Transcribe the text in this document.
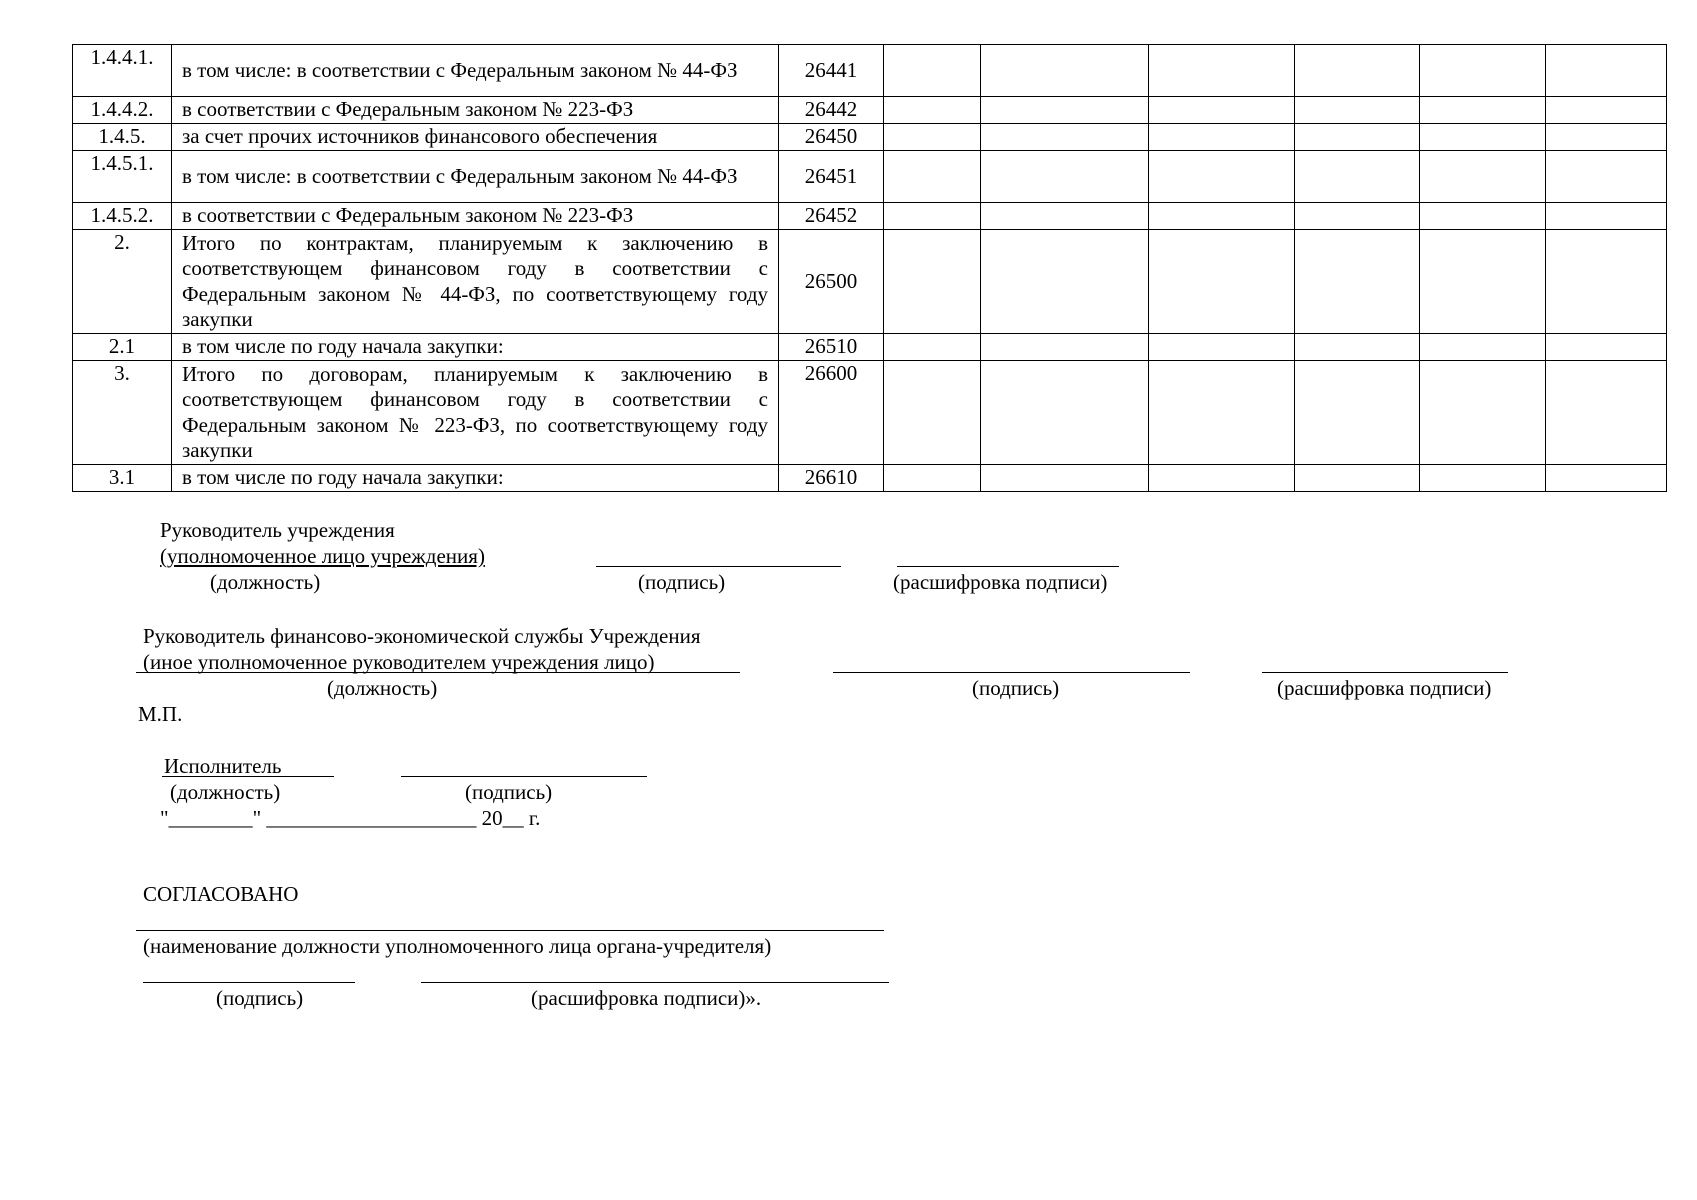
1.4.4.1.	в том числе: в соответствии с Федеральным законом № 44-ФЗ	26441						
1.4.4.2.	в соответствии с Федеральным законом № 223-ФЗ	26442						
1.4.5.	за счет прочих источников финансового обеспечения	26450						
1.4.5.1.	в том числе: в соответствии с Федеральным законом № 44-ФЗ	26451						
1.4.5.2.	в соответствии с Федеральным законом № 223-ФЗ	26452						
2.	Итого по контрактам, планируемым к заключению в соответствующем финансовом году в соответствии с Федеральным законом № 44-ФЗ, по соответствующему году закупки	26500						
2.1	в том числе по году начала закупки:	26510						
3.	Итого по договорам, планируемым к заключению в соответствующем финансовом году в соответствии с Федеральным законом № 223-ФЗ, по соответствующему году закупки	26600						
3.1	в том числе по году начала закупки:	26610						
Руководитель учреждения
(уполномоченное лицо учреждения)
(должность)	(подпись)	(расшифровка подписи)
Руководитель финансово-экономической службы Учреждения
(иное уполномоченное руководителем учреждения лицо)
(должность)	(подпись)	(расшифровка подписи)
М.П.
Исполнитель
(должность)	(подпись)
"________" ____________________ 20__ г.
СОГЛАСОВАНО
(наименование должности уполномоченного лица органа-учредителя)
(подпись)	(расшифровка подписи)».
